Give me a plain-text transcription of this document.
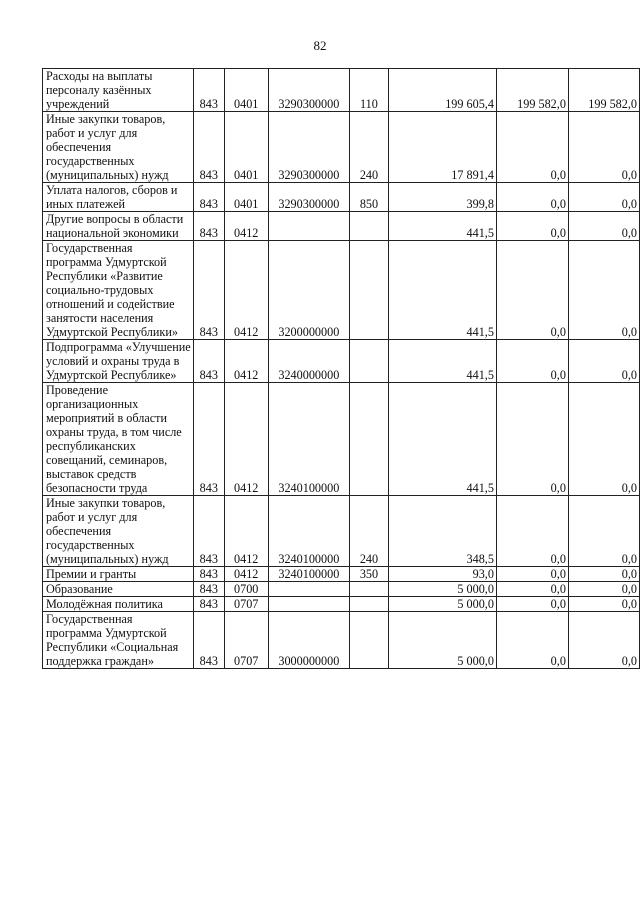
82
Расходы на выплаты персоналу казённых учреждений	843	0401	3290300000	110	199 605,4	199 582,0	199 582,0
Иные закупки товаров, работ и услуг для обеспечения государственных (муниципальных) нужд	843	0401	3290300000	240	17 891,4	0,0	0,0
Уплата налогов, сборов и иных платежей	843	0401	3290300000	850	399,8	0,0	0,0
Другие вопросы в области национальной экономики	843	0412			441,5	0,0	0,0
Государственная программа Удмуртской Республики «Развитие социально-трудовых отношений и содействие занятости населения Удмуртской Республики»	843	0412	3200000000		441,5	0,0	0,0
Подпрограмма «Улучшение условий и охраны труда в Удмуртской Республике»	843	0412	3240000000		441,5	0,0	0,0
Проведение организационных мероприятий в области охраны труда, в том числе республиканских совещаний, семинаров, выставок средств безопасности труда	843	0412	3240100000		441,5	0,0	0,0
Иные закупки товаров, работ и услуг для обеспечения государственных (муниципальных) нужд	843	0412	3240100000	240	348,5	0,0	0,0
Премии и гранты	843	0412	3240100000	350	93,0	0,0	0,0
Образование	843	0700			5 000,0	0,0	0,0
Молодёжная политика	843	0707			5 000,0	0,0	0,0
Государственная программа Удмуртской Республики «Социальная поддержка граждан»	843	0707	3000000000		5 000,0	0,0	0,0
